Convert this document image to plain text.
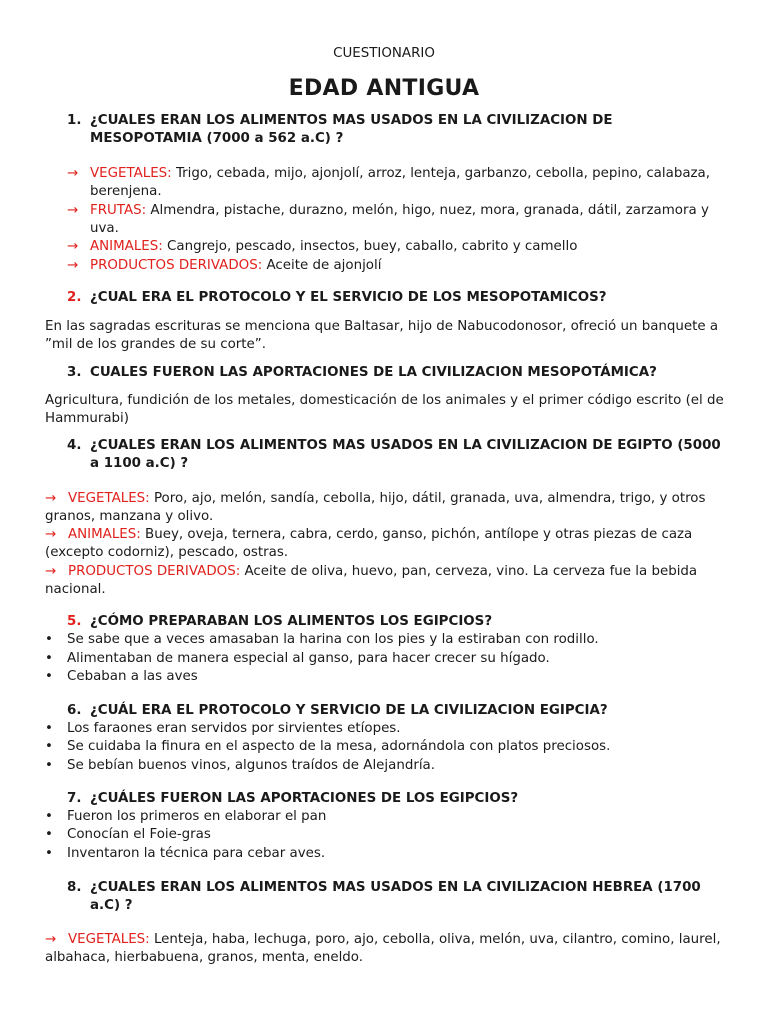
CUESTIONARIO
EDAD ANTIGUA
1. ¿CUALES ERAN LOS ALIMENTOS MAS USADOS EN LA CIVILIZACION DE MESOPOTAMIA (7000 a 562 a.C) ?
→ VEGETALES: Trigo, cebada, mijo, ajonjolí, arroz, lenteja, garbanzo, cebolla, pepino, calabaza, berenjena.
→ FRUTAS: Almendra, pistache, durazno, melón, higo, nuez, mora, granada, dátil, zarzamora y uva.
→ ANIMALES: Cangrejo, pescado, insectos, buey, caballo, cabrito y camello
→ PRODUCTOS DERIVADOS: Aceite de ajonjolí
2. ¿CUAL ERA EL PROTOCOLO Y EL SERVICIO DE LOS MESOPOTAMICOS?
En las sagradas escrituras se menciona que Baltasar, hijo de Nabucodonosor, ofreció un banquete a ”mil de los grandes de su corte”.
3. CUALES FUERON LAS APORTACIONES DE LA CIVILIZACION MESOPOTÁMICA?
Agricultura, fundición de los metales, domesticación de los animales y el primer código escrito (el de Hammurabi)
4. ¿CUALES ERAN LOS ALIMENTOS MAS USADOS EN LA CIVILIZACION DE EGIPTO (5000 a 1100 a.C) ?
→ VEGETALES: Poro, ajo, melón, sandía, cebolla, hijo, dátil, granada, uva, almendra, trigo, y otros granos, manzana y olivo.
→ ANIMALES: Buey, oveja, ternera, cabra, cerdo, ganso, pichón, antílope y otras piezas de caza (excepto codorniz), pescado, ostras.
→ PRODUCTOS DERIVADOS: Aceite de oliva, huevo, pan, cerveza, vino. La cerveza fue la bebida nacional.
5. ¿CÓMO PREPARABAN LOS ALIMENTOS LOS EGIPCIOS?
•	Se sabe que a veces amasaban la harina con los pies y la estiraban con rodillo.
•	Alimentaban de manera especial al ganso, para hacer crecer su hígado.
•	Cebaban a las aves
6. ¿CUÁL ERA EL PROTOCOLO Y SERVICIO DE LA CIVILIZACION EGIPCIA?
•	Los faraones eran servidos por sirvientes etíopes.
•	Se cuidaba la finura en el aspecto de la mesa, adornándola con platos preciosos.
•	Se bebían buenos vinos, algunos traídos de Alejandría.
7. ¿CUÁLES FUERON LAS APORTACIONES DE LOS EGIPCIOS?
•	Fueron los primeros en elaborar el pan
•	Conocían el Foie-gras
•	Inventaron la técnica para cebar aves.
8. ¿CUALES ERAN LOS ALIMENTOS MAS USADOS EN LA CIVILIZACION HEBREA (1700 a.C) ?
→ VEGETALES: Lenteja, haba, lechuga, poro, ajo, cebolla, oliva, melón, uva, cilantro, comino, laurel, albahaca, hierbabuena, granos, menta, eneldo.
